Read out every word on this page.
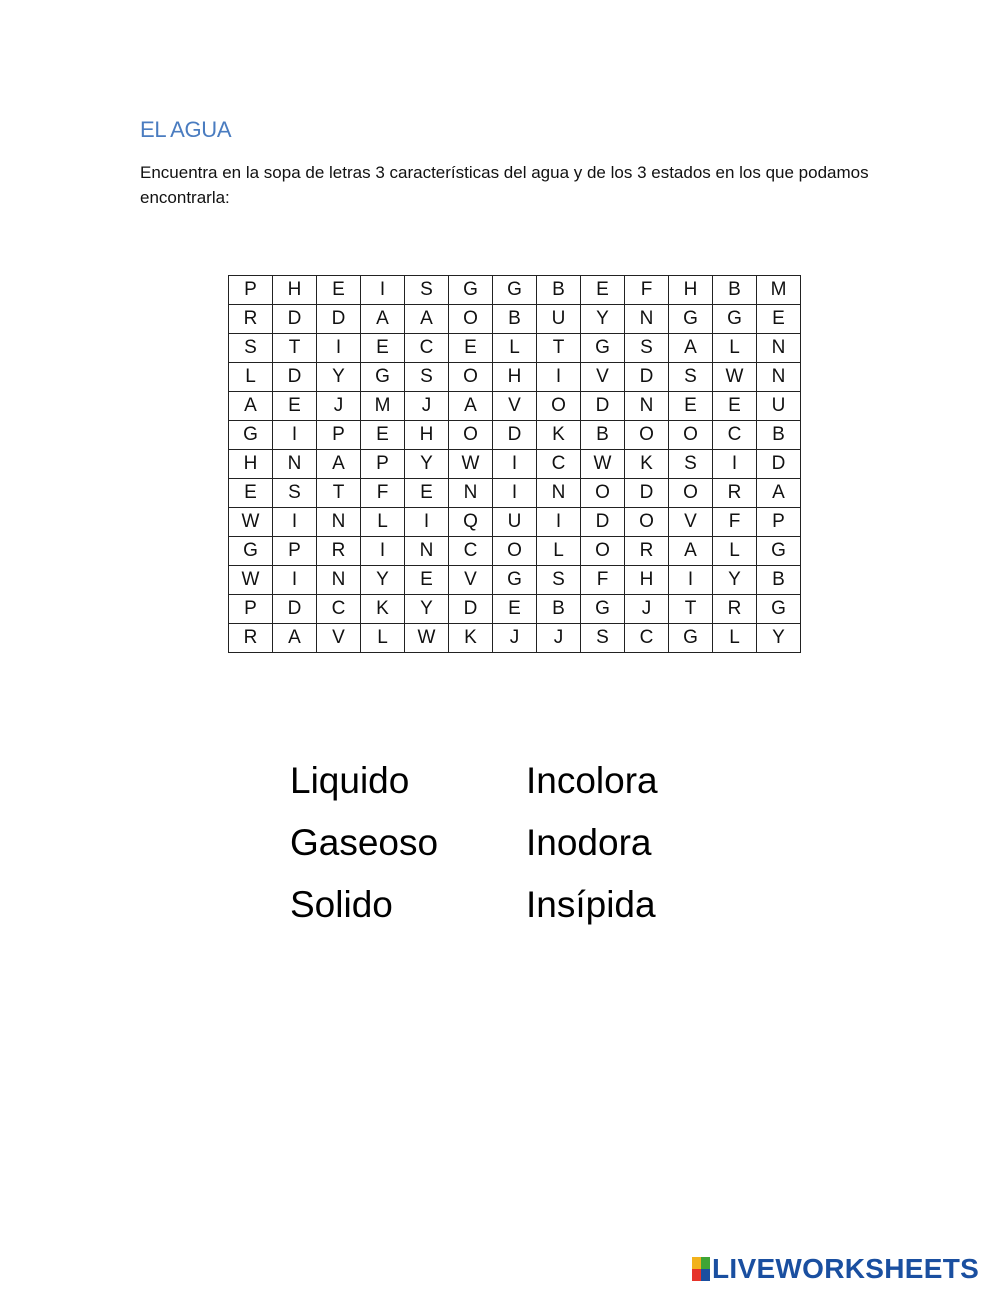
EL AGUA
Encuentra en la sopa de letras 3 características del agua y de los 3 estados en los que podamos encontrarla:
P	H	E	I	S	G	G	B	E	F	H	B	M
R	D	D	A	A	O	B	U	Y	N	G	G	E
S	T	I	E	C	E	L	T	G	S	A	L	N
L	D	Y	G	S	O	H	I	V	D	S	W	N
A	E	J	M	J	A	V	O	D	N	E	E	U
G	I	P	E	H	O	D	K	B	O	O	C	B
H	N	A	P	Y	W	I	C	W	K	S	I	D
E	S	T	F	E	N	I	N	O	D	O	R	A
W	I	N	L	I	Q	U	I	D	O	V	F	P
G	P	R	I	N	C	O	L	O	R	A	L	G
W	I	N	Y	E	V	G	S	F	H	I	Y	B
P	D	C	K	Y	D	E	B	G	J	T	R	G
R	A	V	L	W	K	J	J	S	C	G	L	Y
Liquido	Incolora
Gaseoso	Inodora
Solido	Insípida
LIVEWORKSHEETS
